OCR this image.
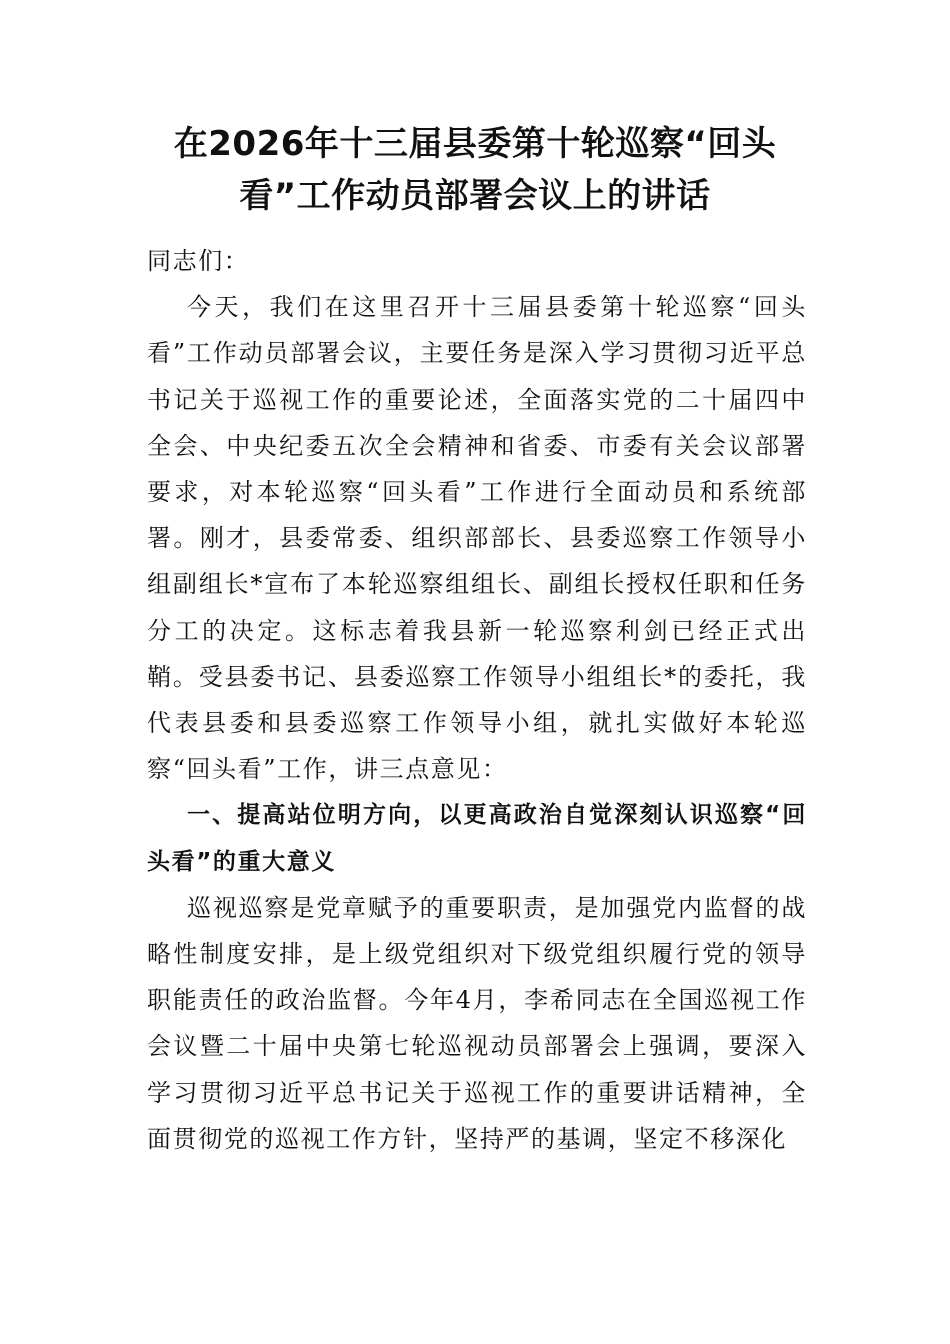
在2026年十三届县委第十轮巡察“回头看”工作动员部署会议上的讲话

同志们：

今天，我们在这里召开十三届县委第十轮巡察“回头看”工作动员部署会议，主要任务是深入学习贯彻习近平总书记关于巡视工作的重要论述，全面落实党的二十届四中全会、中央纪委五次全会精神和省委、市委有关会议部署要求，对本轮巡察“回头看”工作进行全面动员和系统部署。刚才，县委常委、组织部部长、县委巡察工作领导小组副组长*宣布了本轮巡察组组长、副组长授权任职和任务分工的决定。这标志着我县新一轮巡察利剑已经正式出鞘。受县委书记、县委巡察工作领导小组组长*的委托，我代表县委和县委巡察工作领导小组，就扎实做好本轮巡察“回头看”工作，讲三点意见：

一、提高站位明方向，以更高政治自觉深刻认识巡察“回头看”的重大意义

巡视巡察是党章赋予的重要职责，是加强党内监督的战略性制度安排，是上级党组织对下级党组织履行党的领导职能责任的政治监督。今年4月，李希同志在全国巡视工作会议暨二十届中央第七轮巡视动员部署会上强调，要深入学习贯彻习近平总书记关于巡视工作的重要讲话精神，全面贯彻党的巡视工作方针，坚持严的基调，坚定不移深化
